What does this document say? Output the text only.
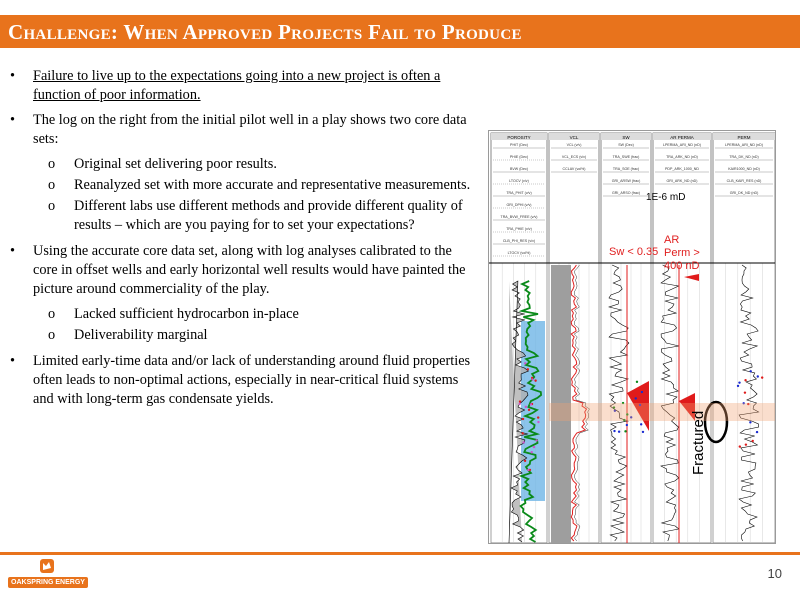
Challenge: When Approved Projects Fail to Produce
• Failure to live up to the expectations going into a new project is often a function of poor information.
• The log on the right from the initial pilot well in a play shows two core data sets:
o Original set delivering poor results.
o Reanalyzed set with more accurate and representative measurements.
o Different labs use different methods and provide different quality of results – which are you paying for to set your expectations?
• Using the accurate core data set, along with log analyses calibrated to the core in offset wells and early horizontal well results would have painted the picture around commerciality of the play.
o Lacked sufficient hydrocarbon in-place
o Deliverability marginal
• Limited early-time data and/or lack of understanding around fluid properties often leads to non-optimal actions, especially in near-critical fluid systems and with long-term gas condensate yields.
POROSITY
PHIT (Dec)
PHIE (Dec)
BVW (Dec)
LTOCV (v/v)
TRA_PHIT (v/v)
GRI_DPHI (v/v)
TRA_BVW_FREE (v/v)
TRA_PHIE (v/v)
CLB_PHI_RES (v/v)
LTOCV (vol%)
VCL
VCL (v/v)
VCL_ECS (v/v)
CCLAV (vol%)
SW
SW (Dec)
TRA_SWE (frac)
TRA_SOE (frac)
GRI_ARSW (frac)
GRI_ARSO (frac)
AR PERMA
LPERMA_ARI_ND (nD)
TRA_ARK_ND (nD)
PDP_ARK_1000_ND
GRI_ARK_ND (nD)
PERM
LPERMA_ARI_ND (nD)
TRA_DK_ND (nD)
KAIR1000_ND (nD)
CLB_KAIR_RES (nD)
GRI_DK_ND (nD)
1E-6 mD
Sw < 0.35
AR
Perm >
400 nD
Fractured
OAKSPRING ENERGY
10
